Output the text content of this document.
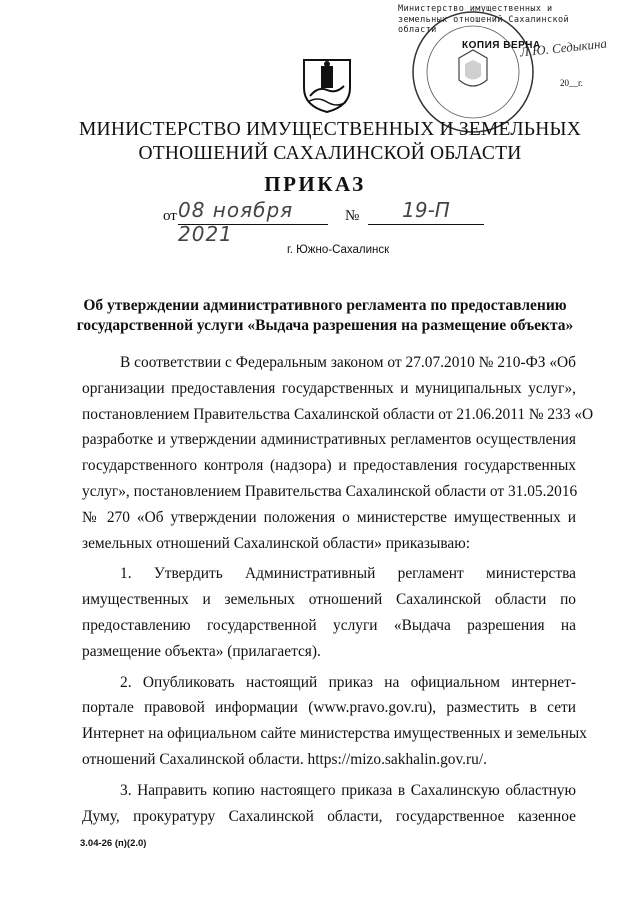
Министерство имущественных и
земельных отношений Сахалинской
области
КОПИЯ ВЕРНА
Л.Ю. Седыкина
20__г.
МИНИСТЕРСТВО ИМУЩЕСТВЕННЫХ И ЗЕМЕЛЬНЫХ
ОТНОШЕНИЙ САХАЛИНСКОЙ ОБЛАСТИ
ПРИКАЗ
от 08 ноября 2021
№	19-П
г. Южно-Сахалинск
Об утверждении административного регламента по предоставлению
государственной услуги «Выдача разрешения на размещение объекта»

В соответствии с Федеральным законом от 27.07.2010 № 210-ФЗ «Об
организации предоставления государственных и муниципальных услуг»,
постановлением Правительства Сахалинской области от 21.06.2011 № 233 «О
разработке и утверждении административных регламентов осуществления
государственного контроля (надзора) и предоставления государственных
услуг», постановлением Правительства Сахалинской области от 31.05.2016
№ 270 «Об утверждении положения о министерстве имущественных и
земельных отношений Сахалинской области» приказываю:

1. Утвердить Административный регламент министерства
имущественных и земельных отношений Сахалинской области по
предоставлению государственной услуги «Выдача разрешения на
размещение объекта» (прилагается).

2. Опубликовать настоящий приказ на официальном интернет-
портале правовой информации (www.pravo.gov.ru), разместить в сети
Интернет на официальном сайте министерства имущественных и земельных
отношений Сахалинской области. https://mizo.sakhalin.gov.ru/.

3. Направить копию настоящего приказа в Сахалинскую областную
Думу, прокуратуру Сахалинской области, государственное казенное

3.04-26 (п)(2.0)
